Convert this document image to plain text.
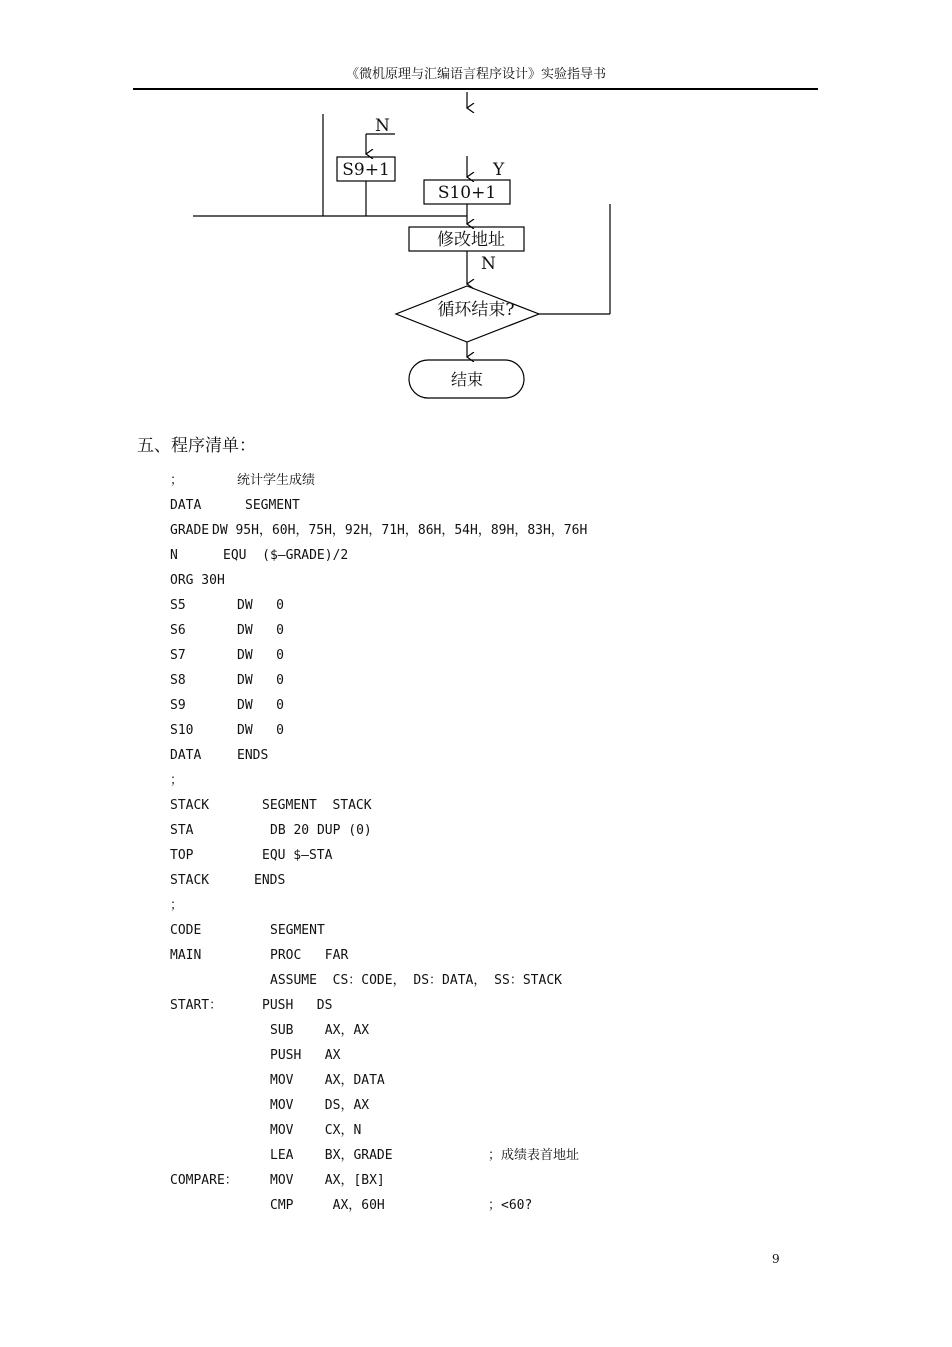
《微机原理与汇编语言程序设计》实验指导书
N
S9+1	Y
S10+1
修改地址
N
循环结束?
结束
五、程序清单：
；	统计学生成绩
DATA	SEGMENT
GRADE DW 95H，60H，75H，92H，71H，86H，54H，89H，83H，76H
N	EQU  ($—GRADE)/2
ORG 30H
S5	DW   0
S6	DW   0
S7	DW   0
S8	DW   0
S9	DW   0
S10	DW   0
DATA	ENDS
；
STACK	SEGMENT  STACK
STA	DB 20 DUP (0)
TOP	EQU $—STA
STACK	ENDS
；
CODE	SEGMENT
MAIN	PROC   FAR
ASSUME  CS：CODE， DS：DATA， SS：STACK
START：	PUSH   DS
SUB    AX，AX
PUSH   AX
MOV    AX，DATA
MOV    DS，AX
MOV    CX，N
LEA    BX，GRADE	；成绩表首地址
COMPARE： MOV    AX，[BX]
CMP     AX，60H	；<60?
9
